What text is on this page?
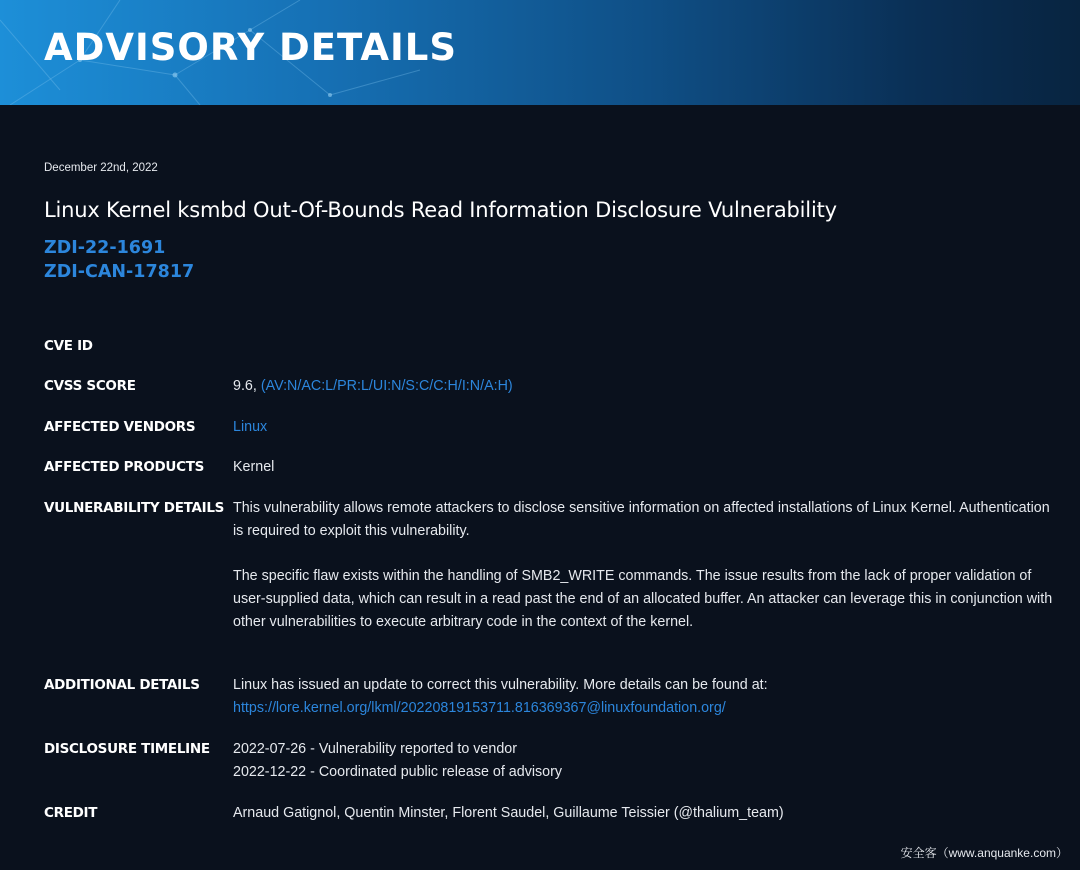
ADVISORY DETAILS
December 22nd, 2022
Linux Kernel ksmbd Out-Of-Bounds Read Information Disclosure Vulnerability
ZDI-22-1691
ZDI-CAN-17817
CVE ID
CVSS SCORE	9.6, (AV:N/AC:L/PR:L/UI:N/S:C/C:H/I:N/A:H)
AFFECTED VENDORS	Linux
AFFECTED PRODUCTS	Kernel
VULNERABILITY DETAILS This vulnerability allows remote attackers to disclose sensitive information on affected installations of Linux Kernel. Authentication is required to exploit this vulnerability.

The specific flaw exists within the handling of SMB2_WRITE commands. The issue results from the lack of proper validation of user-supplied data, which can result in a read past the end of an allocated buffer. An attacker can leverage this in conjunction with other vulnerabilities to execute arbitrary code in the context of the kernel.

ADDITIONAL DETAILS	Linux has issued an update to correct this vulnerability. More details can be found at:

https://lore.kernel.org/lkml/20220819153711.816369367@linuxfoundation.org/
DISCLOSURE TIMELINE	2022-07-26 - Vulnerability reported to vendor

2022-12-22 - Coordinated public release of advisory

CREDIT	Arnaud Gatignol, Quentin Minster, Florent Saudel, Guillaume Teissier (@thalium_team)
安全客（www.anquanke.com）
